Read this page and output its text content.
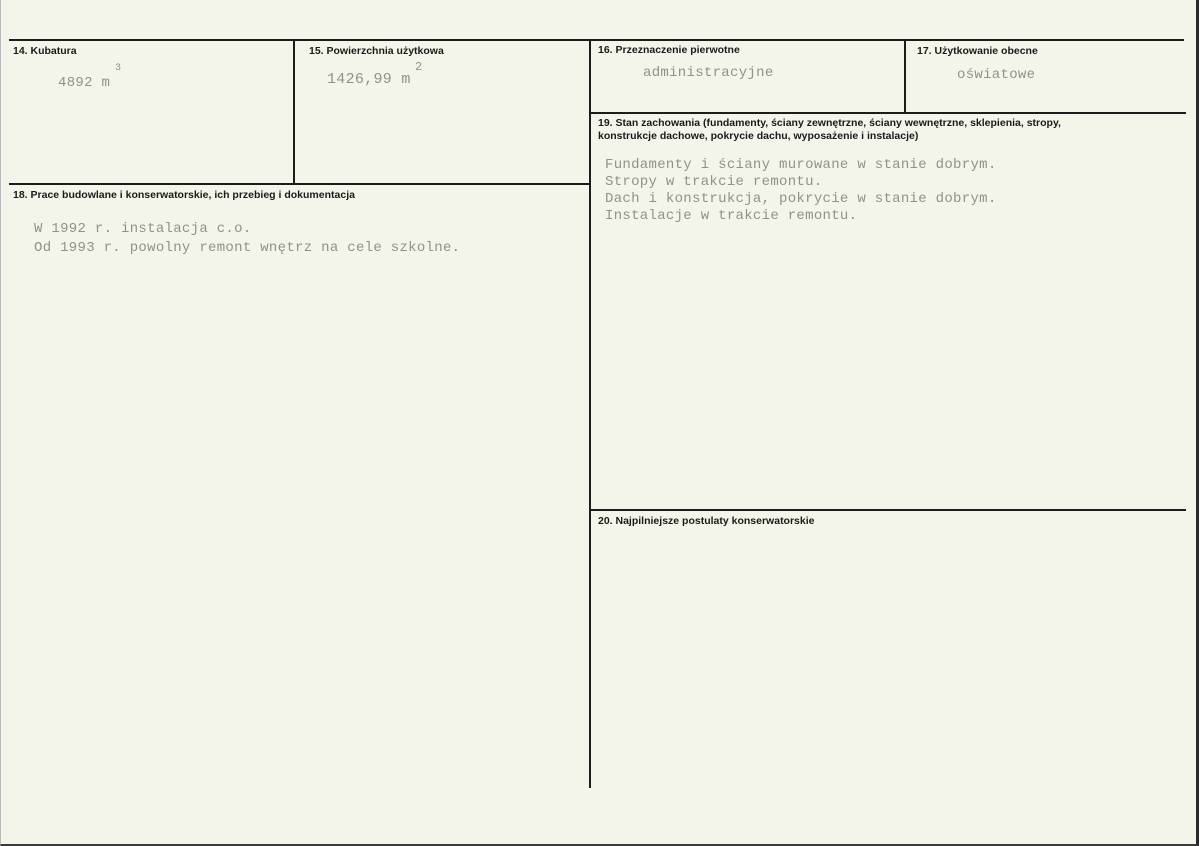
14. Kubatura
4892 m
3
15. Powierzchnia użytkowa
1426,99 m
2
16. Przeznaczenie pierwotne
administracyjne
17. Użytkowanie obecne
oświatowe
18. Prace budowlane i konserwatorskie, ich przebieg i dokumentacja
W 1992 r. instalacja c.o.
Od 1993 r. powolny remont wnętrz na cele szkolne.
19. Stan zachowania (fundamenty, ściany zewnętrzne, ściany wewnętrzne, sklepienia, stropy, konstrukcje dachowe, pokrycie dachu, wyposażenie i instalacje)
Fundamenty i ściany murowane w stanie dobrym.
Stropy w trakcie remontu.
Dach i konstrukcja, pokrycie w stanie dobrym.
Instalacje w trakcie remontu.
20. Najpilniejsze postulaty konserwatorskie
